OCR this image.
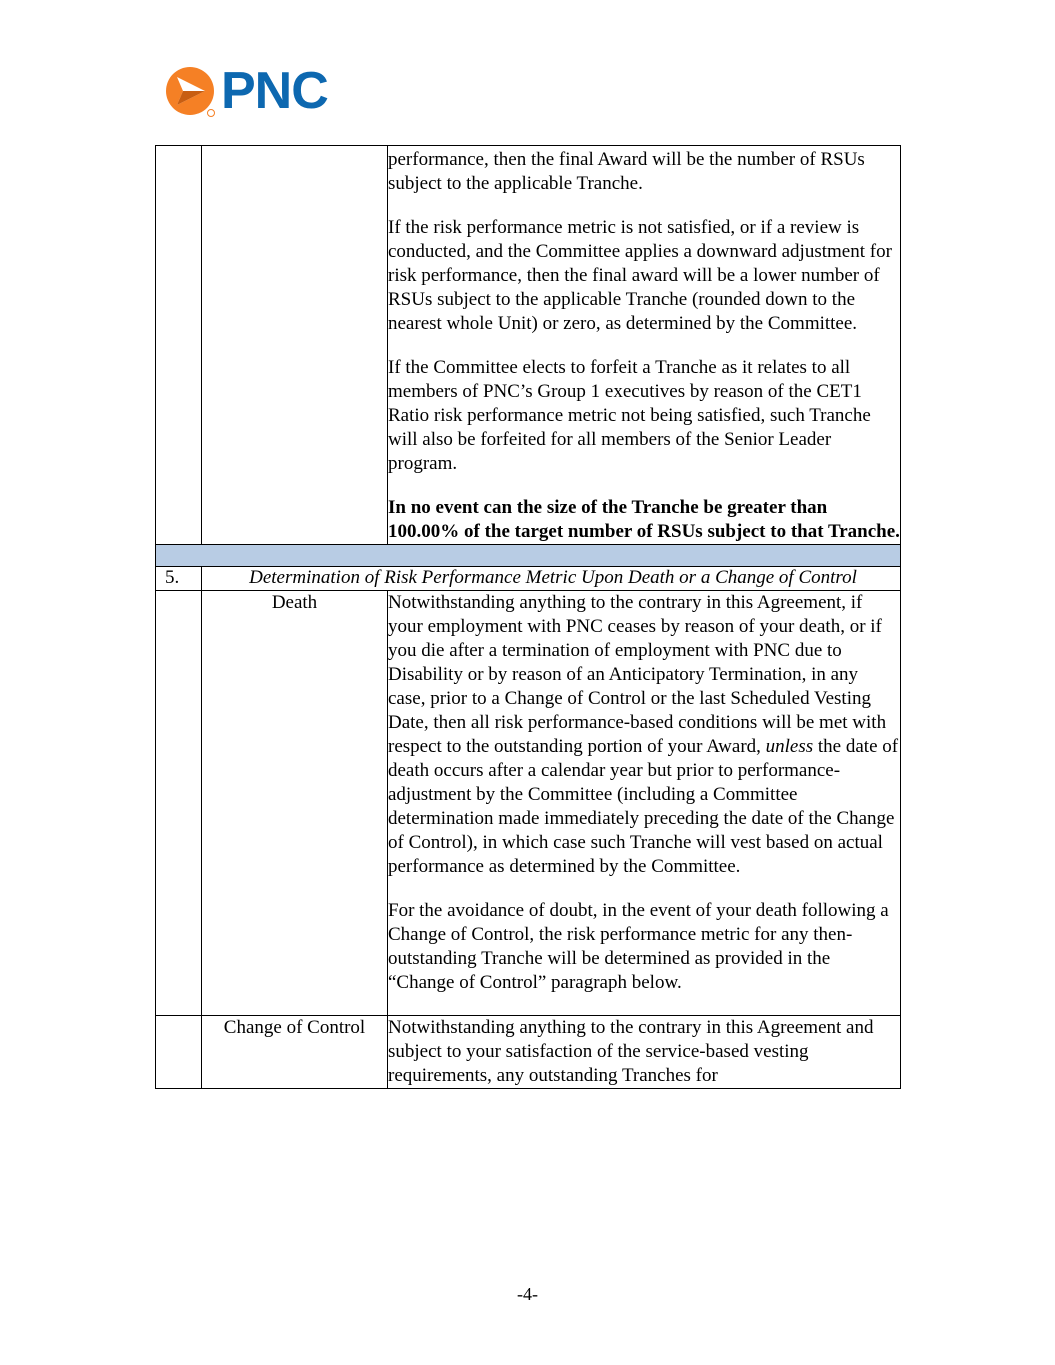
PNC

		performance, then the final Award will be the number of RSUs subject to the applicable Tranche.

If the risk performance metric is not satisfied, or if a review is conducted, and the Committee applies a downward adjustment for risk performance, then the final award will be a lower number of RSUs subject to the applicable Tranche (rounded down to the nearest whole Unit) or zero, as determined by the Committee.

If the Committee elects to forfeit a Tranche as it relates to all members of PNC’s Group 1 executives by reason of the CET1 Ratio risk performance metric not being satisfied, such Tranche will also be forfeited for all members of the Senior Leader program.

In no event can the size of the Tranche be greater than 100.00% of the target number of RSUs subject to that Tranche.

5.	Determination of Risk Performance Metric Upon Death or a Change of Control	
	Death	Notwithstanding anything to the contrary in this Agreement, if your employment with PNC ceases by reason of your death, or if you die after a termination of employment with PNC due to Disability or by reason of an Anticipatory Termination, in any case, prior to a Change of Control or the last Scheduled Vesting Date, then all risk performance-based conditions will be met with respect to the outstanding portion of your Award, unless the date of death occurs after a calendar year but prior to performance-adjustment by the Committee (including a Committee determination made immediately preceding the date of the Change of Control), in which case such Tranche will vest based on actual performance as determined by the Committee.

For the avoidance of doubt, in the event of your death following a Change of Control, the risk performance metric for any then-outstanding Tranche will be determined as provided in the “Change of Control” paragraph below.

	Change of Control	Notwithstanding anything to the contrary in this Agreement and subject to your satisfaction of the service-based vesting requirements, any outstanding Tranches for

-4-
